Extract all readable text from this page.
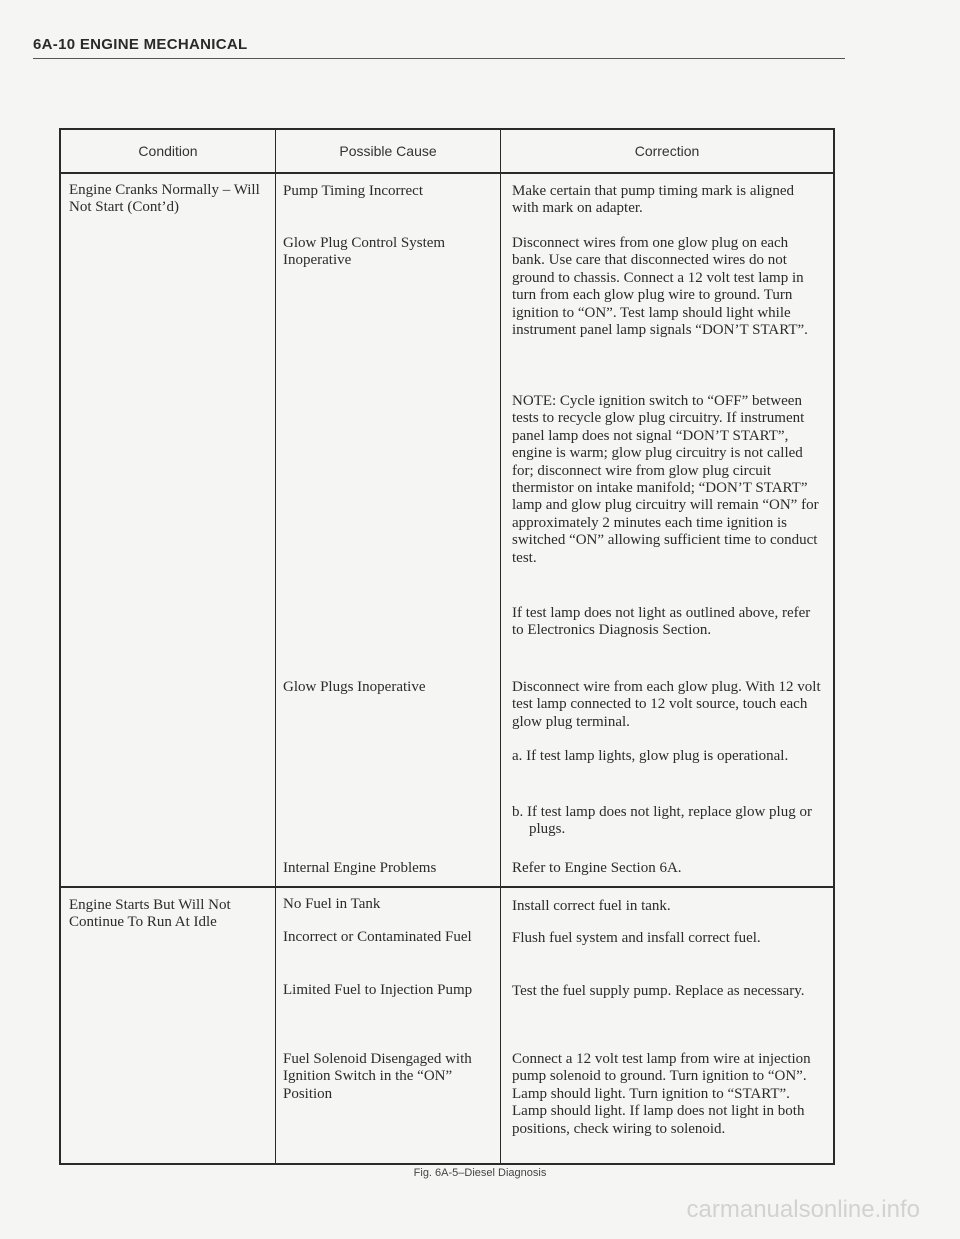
6A-10 ENGINE MECHANICAL
Condition	Possible Cause	Correction
Engine Cranks Normally – Will Not Start (Cont’d)
Pump Timing Incorrect
Glow Plug Control System Inoperative
Glow Plugs Inoperative
Internal Engine Problems
Make certain that pump timing mark is aligned with mark on adapter.
Disconnect wires from one glow plug on each bank. Use care that disconnected wires do not ground to chassis. Connect a 12 volt test lamp in turn from each glow plug wire to ground. Turn ignition to “ON”. Test lamp should light while instrument panel lamp signals “DON’T START”.
NOTE: Cycle ignition switch to “OFF” between tests to recycle glow plug circuitry. If instrument panel lamp does not signal “DON’T START”, engine is warm; glow plug circuitry is not called for; disconnect wire from glow plug circuit thermistor on intake manifold; “DON’T START” lamp and glow plug circuitry will remain “ON” for approximately 2 minutes each time ignition is switched “ON” allowing sufficient time to conduct test.
If test lamp does not light as outlined above, refer to Electronics Diagnosis Section.
Disconnect wire from each glow plug. With 12 volt test lamp connected to 12 volt source, touch each glow plug terminal.
a. If test lamp lights, glow plug is operational.
b. If test lamp does not light, replace glow plug or plugs.
Refer to Engine Section 6A.
Engine Starts But Will Not Continue To Run At Idle
No Fuel in Tank
Incorrect or Contaminated Fuel
Limited Fuel to Injection Pump
Fuel Solenoid Disengaged with Ignition Switch in the “ON” Position
Install correct fuel in tank.
Flush fuel system and insfall correct fuel.
Test the fuel supply pump. Replace as necessary.
Connect a 12 volt test lamp from wire at injection pump solenoid to ground. Turn ignition to “ON”. Lamp should light. Turn ignition to “START”. Lamp should light. If lamp does not light in both positions, check wiring to solenoid.
Fig. 6A-5–Diesel Diagnosis
carmanualsonline.info
